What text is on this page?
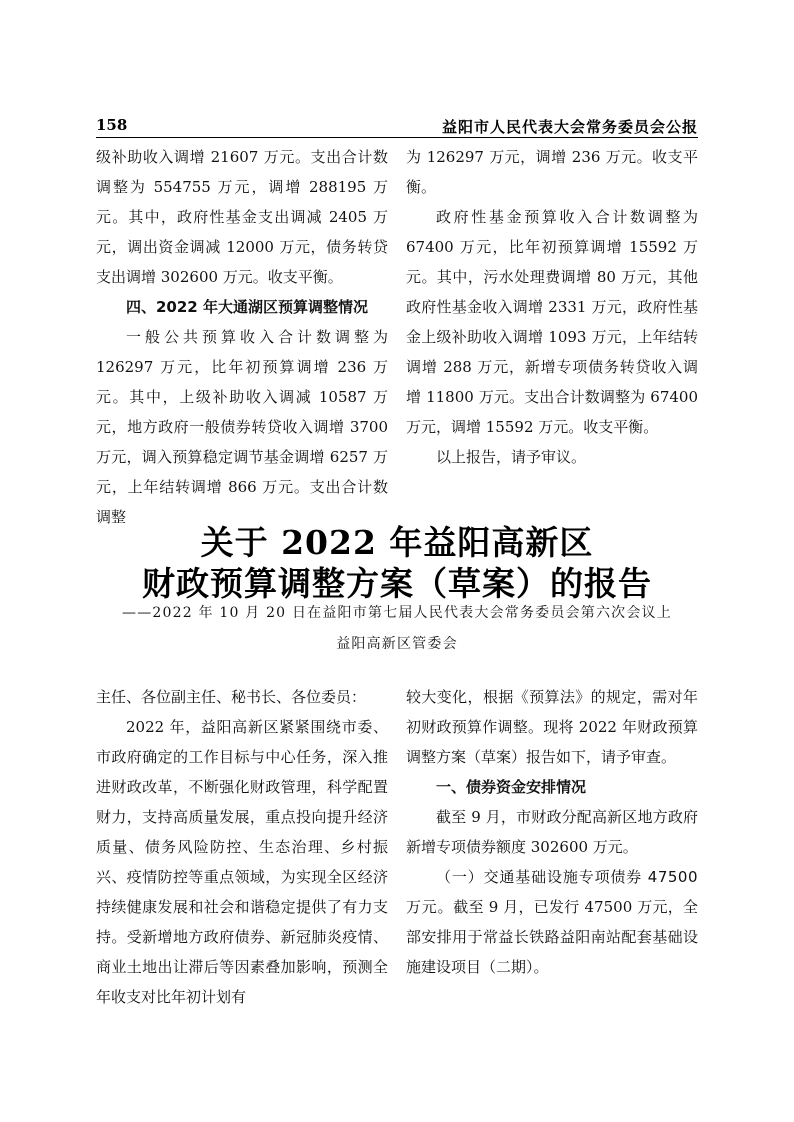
158	益阳市人民代表大会常务委员会公报

级补助收入调增 21607 万元。支出合计数调整为 554755 万元，调增 288195 万元。其中，政府性基金支出调减 2405 万元，调出资金调减 12000 万元，债务转贷支出调增 302600 万元。收支平衡。

四、2022 年大通湖区预算调整情况

一般公共预算收入合计数调整为 126297 万元，比年初预算调增 236 万元。其中，上级补助收入调减 10587 万元，地方政府一般债券转贷收入调增 3700 万元，调入预算稳定调节基金调增 6257 万元，上年结转调增 866 万元。支出合计数调整

为 126297 万元，调增 236 万元。收支平衡。

政府性基金预算收入合计数调整为 67400 万元，比年初预算调增 15592 万元。其中，污水处理费调增 80 万元，其他政府性基金收入调增 2331 万元，政府性基金上级补助收入调增 1093 万元，上年结转调增 288 万元，新增专项债务转贷收入调增 11800 万元。支出合计数调整为 67400 万元，调增 15592 万元。收支平衡。

以上报告，请予审议。

关于 2022 年益阳高新区
财政预算调整方案（草案）的报告
——2022 年 10 月 20 日在益阳市第七届人民代表大会常务委员会第六次会议上
益阳高新区管委会

主任、各位副主任、秘书长、各位委员：

2022 年，益阳高新区紧紧围绕市委、市政府确定的工作目标与中心任务，深入推进财政改革，不断强化财政管理，科学配置财力，支持高质量发展，重点投向提升经济质量、债务风险防控、生态治理、乡村振兴、疫情防控等重点领域，为实现全区经济持续健康发展和社会和谐稳定提供了有力支持。受新增地方政府债券、新冠肺炎疫情、商业土地出让滞后等因素叠加影响，预测全年收支对比年初计划有

较大变化，根据《预算法》的规定，需对年初财政预算作调整。现将 2022 年财政预算调整方案（草案）报告如下，请予审查。

一、债券资金安排情况

截至 9 月，市财政分配高新区地方政府新增专项债券额度 302600 万元。

（一）交通基础设施专项债券 47500 万元。截至 9 月，已发行 47500 万元，全部安排用于常益长铁路益阳南站配套基础设施建设项目（二期）。
